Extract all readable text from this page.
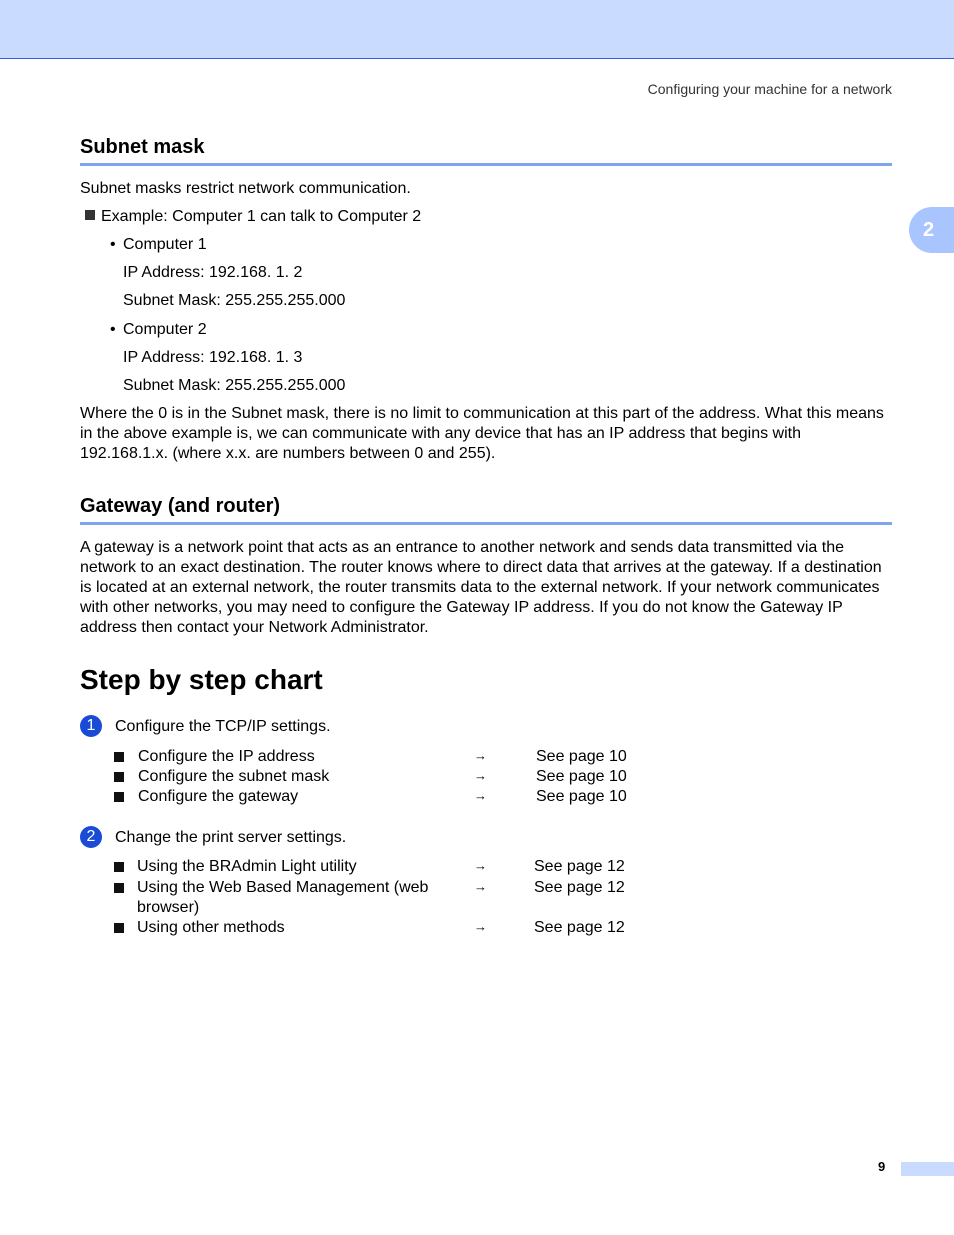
Configuring your machine for a network
2
Subnet mask

Subnet masks restrict network communication.

Example: Computer 1 can talk to Computer 2
• Computer 1
IP Address: 192.168. 1. 2
Subnet Mask: 255.255.255.000
• Computer 2
IP Address: 192.168. 1. 3
Subnet Mask: 255.255.255.000

Where the 0 is in the Subnet mask, there is no limit to communication at this part of the address. What this means in the above example is, we can communicate with any device that has an IP address that begins with 192.168.1.x. (where x.x. are numbers between 0 and 255).

Gateway (and router)

A gateway is a network point that acts as an entrance to another network and sends data transmitted via the network to an exact destination. The router knows where to direct data that arrives at the gateway. If a destination is located at an external network, the router transmits data to the external network. If your network communicates with other networks, you may need to configure the Gateway IP address. If you do not know the Gateway IP address then contact your Network Administrator.

Step by step chart
1	Configure the TCP/IP settings.
Configure the IP address	→	See page 10
Configure the subnet mask	→	See page 10
Configure the gateway	→	See page 10
2	Change the print server settings.
Using the BRAdmin Light utility	→	See page 12
Using the Web Based Management (web
browser)
→	See page 12
Using other methods	→	See page 12
9
